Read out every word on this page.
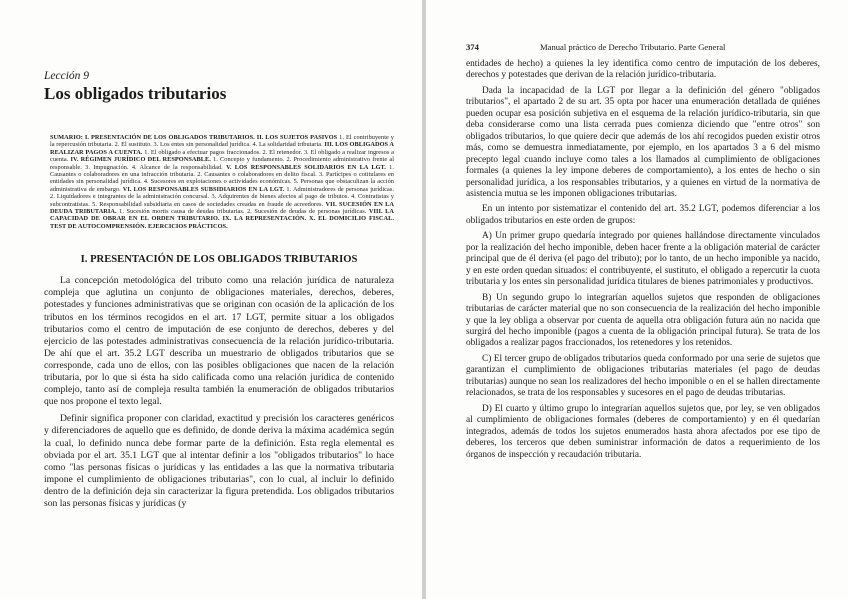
Lección 9
Los obligados tributarios
SUMARIO: I. PRESENTACIÓN DE LOS OBLIGADOS TRIBUTARIOS. II. LOS SUJETOS PASIVOS 1. El contribuyente y la repercusión tributaria. 2. El sustituto. 3. Los entes sin personalidad jurídica. 4. La solidaridad tributaria. III. LOS OBLIGADOS A REALIZAR PAGOS A CUENTA. 1. El obligado a efectuar pagos fraccionados. 2. El retenedor. 3. El obligado a realizar ingresos a cuenta. IV. RÉGIMEN JURÍDICO DEL RESPONSABLE. 1. Concepto y fundamento. 2. Procedimiento administrativo frente al responsable. 3. Impugnación. 4. Alcance de la responsabilidad. V. LOS RESPONSABLES SOLIDARIOS EN LA LGT. 1. Causantes o colaboradores en una infracción tributaria. 2. Causantes o colaboradores en delito fiscal. 3. Partícipes o cotitulares en entidades sin personalidad jurídica. 4. Sucesores en explotaciones o actividades económicas. 5. Personas que obstaculizan la acción administrativa de embargo. VI. LOS RESPONSABLES SUBSIDIARIOS EN LA LGT. 1. Administradores de personas jurídicas. 2. Liquidadores e integrantes de la administración concursal. 3. Adquirentes de bienes afectos al pago de tributos. 4. Contratistas y subcontratistas. 5. Responsabilidad subsidiaria en casos de sociedades creadas en fraude de acreedores. VII. SUCESIÓN EN LA DEUDA TRIBUTARIA. 1. Sucesión mortis causa de deudas tributarias. 2. Sucesión de deudas de personas jurídicas. VIII. LA CAPACIDAD DE OBRAR EN EL ORDEN TRIBUTARIO. IX. LA REPRESENTACIÓN. X. EL DOMICILIO FISCAL. TEST DE AUTOCOMPRENSIÓN. EJERCICIOS PRÁCTICOS.
I. PRESENTACIÓN DE LOS OBLIGADOS TRIBUTARIOS

La concepción metodológica del tributo como una relación jurídica de naturaleza compleja que aglutina un conjunto de obligaciones materiales, derechos, deberes, potestades y funciones administrativas que se originan con ocasión de la aplicación de los tributos en los términos recogidos en el art. 17 LGT, permite situar a los obligados tributarios como el centro de imputación de ese conjunto de derechos, deberes y del ejercicio de las potestades administrativas consecuencia de la relación jurídico-tributaria. De ahí que el art. 35.2 LGT describa un muestrario de obligados tributarios que se corresponde, cada uno de ellos, con las posibles obligaciones que nacen de la relación tributaria, por lo que si ésta ha sido calificada como una relación jurídica de contenido complejo, tanto así de compleja resulta también la enumeración de obligados tributarios que nos propone el texto legal.

Definir significa proponer con claridad, exactitud y precisión los caracteres genéricos y diferenciadores de aquello que es definido, de donde deriva la máxima académica según la cual, lo definido nunca debe formar parte de la definición. Esta regla elemental es obviada por el art. 35.1 LGT que al intentar definir a los "obligados tributarios" lo hace como "las personas físicas o jurídicas y las entidades a las que la normativa tributaria impone el cumplimiento de obligaciones tributarias", con lo cual, al incluir lo definido dentro de la definición deja sin caracterizar la figura pretendida. Los obligados tributarios son las personas físicas y jurídicas (y

374	Manual práctico de Derecho Tributario. Parte General

entidades de hecho) a quienes la ley identifica como centro de imputación de los deberes, derechos y potestades que derivan de la relación jurídico-tributaria.

Dada la incapacidad de la LGT por llegar a la definición del género "obligados tributarios", el apartado 2 de su art. 35 opta por hacer una enumeración detallada de quiénes pueden ocupar esa posición subjetiva en el esquema de la relación jurídico-tributaria, sin que deba considerarse como una lista cerrada pues comienza diciendo que "entre otros" son obligados tributarios, lo que quiere decir que además de los ahí recogidos pueden existir otros más, como se demuestra inmediatamente, por ejemplo, en los apartados 3 a 6 del mismo precepto legal cuando incluye como tales a los llamados al cumplimiento de obligaciones formales (a quienes la ley impone deberes de comportamiento), a los entes de hecho o sin personalidad jurídica, a los responsables tributarios, y a quienes en virtud de la normativa de asistencia mutua se les imponen obligaciones tributarias.

En un intento por sistematizar el contenido del art. 35.2 LGT, podemos diferenciar a los obligados tributarios en este orden de grupos:

A) Un primer grupo quedaría integrado por quienes hallándose directamente vinculados por la realización del hecho imponible, deben hacer frente a la obligación material de carácter principal que de él deriva (el pago del tributo); por lo tanto, de un hecho imponible ya nacido, y en este orden quedan situados: el contribuyente, el sustituto, el obligado a repercutir la cuota tributaria y los entes sin personalidad jurídica titulares de bienes patrimoniales y productivos.

B) Un segundo grupo lo integrarían aquellos sujetos que responden de obligaciones tributarias de carácter material que no son consecuencia de la realización del hecho imponible y que la ley obliga a observar por cuenta de aquella otra obligación futura aún no nacida que surgirá del hecho imponible (pagos a cuenta de la obligación principal futura). Se trata de los obligados a realizar pagos fraccionados, los retenedores y los retenidos.

C) El tercer grupo de obligados tributarios queda conformado por una serie de sujetos que garantizan el cumplimiento de obligaciones tributarias materiales (el pago de deudas tributarias) aunque no sean los realizadores del hecho imponible o en el se hallen directamente relacionados, se trata de los responsables y sucesores en el pago de deudas tributarias.

D) El cuarto y último grupo lo integrarían aquellos sujetos que, por ley, se ven obligados al cumplimiento de obligaciones formales (deberes de comportamiento) y en él quedarían integrados, además de todos los sujetos enumerados hasta ahora afectados por ese tipo de deberes, los terceros que deben suministrar información de datos a requerimiento de los órganos de inspección y recaudación tributaria.
